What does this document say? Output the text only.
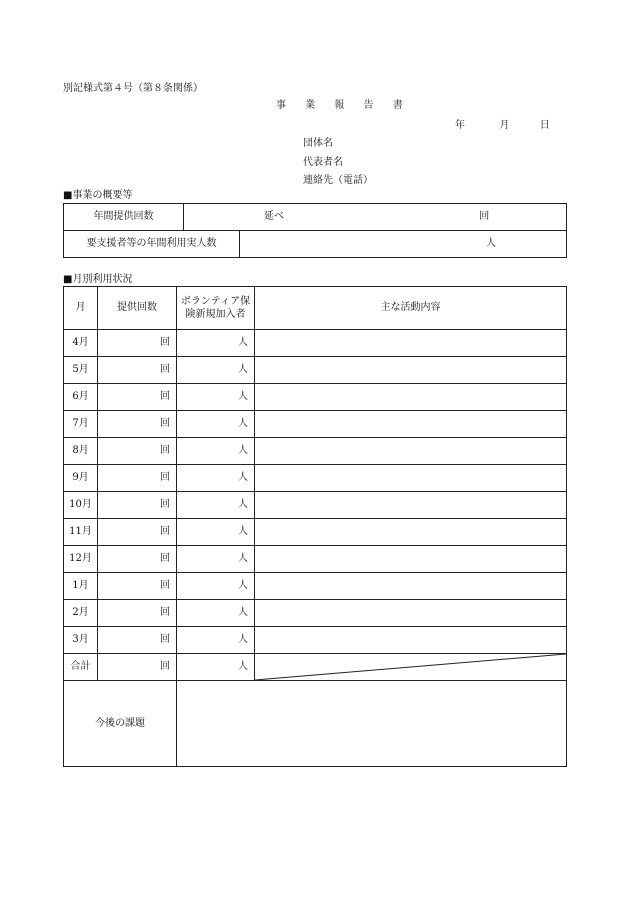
別記様式第４号（第８条関係）
事 業 報 告 書
年	月	日
団体名
代表者名
連絡先（電話）
■事業の概要等
年間提供回数	延べ 回	
要支援者等の年間利用実人数		人
■月別利用状況
月	提供回数	ボランティア保険新規加入者	主な活動内容
4月	回	人	
5月	回	人	
6月	回	人	
7月	回	人	
8月	回	人	
9月	回	人	
10月	回	人	
11月	回	人	
12月	回	人	
1月	回	人	
2月	回	人	
3月	回	人	
合計	回	人	

今後の課題			
